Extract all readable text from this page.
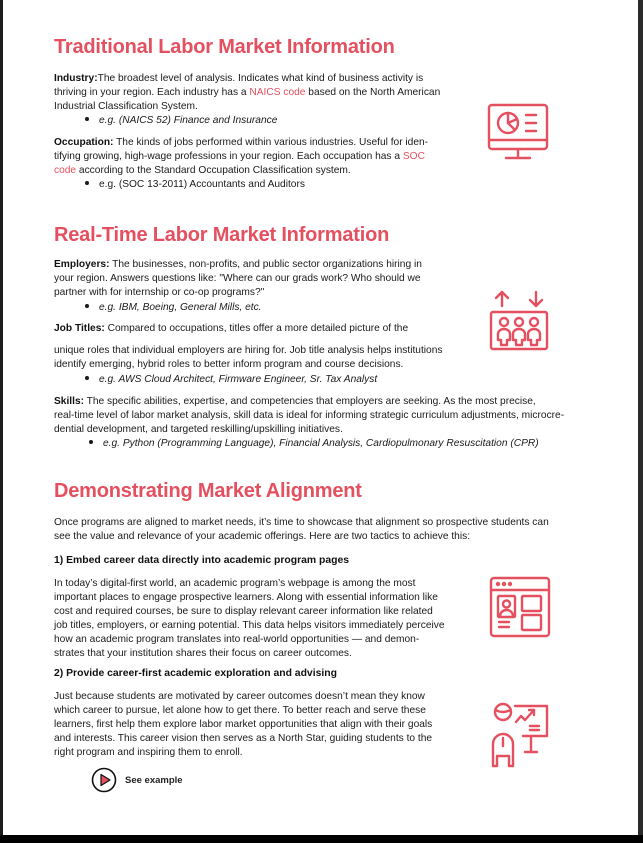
Traditional Labor Market Information
Industry:The broadest level of analysis. Indicates what kind of business activity is
thriving in your region. Each industry has a NAICS code based on the North American
Industrial Classification System.
e.g. (NAICS 52) Finance and Insurance
Occupation: The kinds of jobs performed within various industries. Useful for iden-
tifying growing, high-wage professions in your region. Each occupation has a SOC
code according to the Standard Occupation Classification system.
e.g. (SOC 13-2011) Accountants and Auditors
Real-Time Labor Market Information
Employers: The businesses, non-profits, and public sector organizations hiring in
your region. Answers questions like: "Where can our grads work? Who should we
partner with for internship or co-op programs?"
e.g. IBM, Boeing, General Mills, etc.
Job Titles: Compared to occupations, titles offer a more detailed picture of the
unique roles that individual employers are hiring for. Job title analysis helps institutions
identify emerging, hybrid roles to better inform program and course decisions.
e.g. AWS Cloud Architect, Firmware Engineer, Sr. Tax Analyst
Skills: The specific abilities, expertise, and competencies that employers are seeking. As the most precise,
real-time level of labor market analysis, skill data is ideal for informing strategic curriculum adjustments, microcre-
dential development, and targeted reskilling/upskilling initiatives.
e.g. Python (Programming Language), Financial Analysis, Cardiopulmonary Resuscitation (CPR)
Demonstrating Market Alignment
Once programs are aligned to market needs, it’s time to showcase that alignment so prospective students can
see the value and relevance of your academic offerings. Here are two tactics to achieve this:
1) Embed career data directly into academic program pages
In today’s digital-first world, an academic program’s webpage is among the most
important places to engage prospective learners. Along with essential information like
cost and required courses, be sure to display relevant career information like related
job titles, employers, or earning potential. This data helps visitors immediately perceive
how an academic program translates into real-world opportunities — and demon-
strates that your institution shares their focus on career outcomes.
2) Provide career-first academic exploration and advising
Just because students are motivated by career outcomes doesn’t mean they know
which career to pursue, let alone how to get there. To better reach and serve these
learners, first help them explore labor market opportunities that align with their goals
and interests. This career vision then serves as a North Star, guiding students to the
right program and inspiring them to enroll.
See example
